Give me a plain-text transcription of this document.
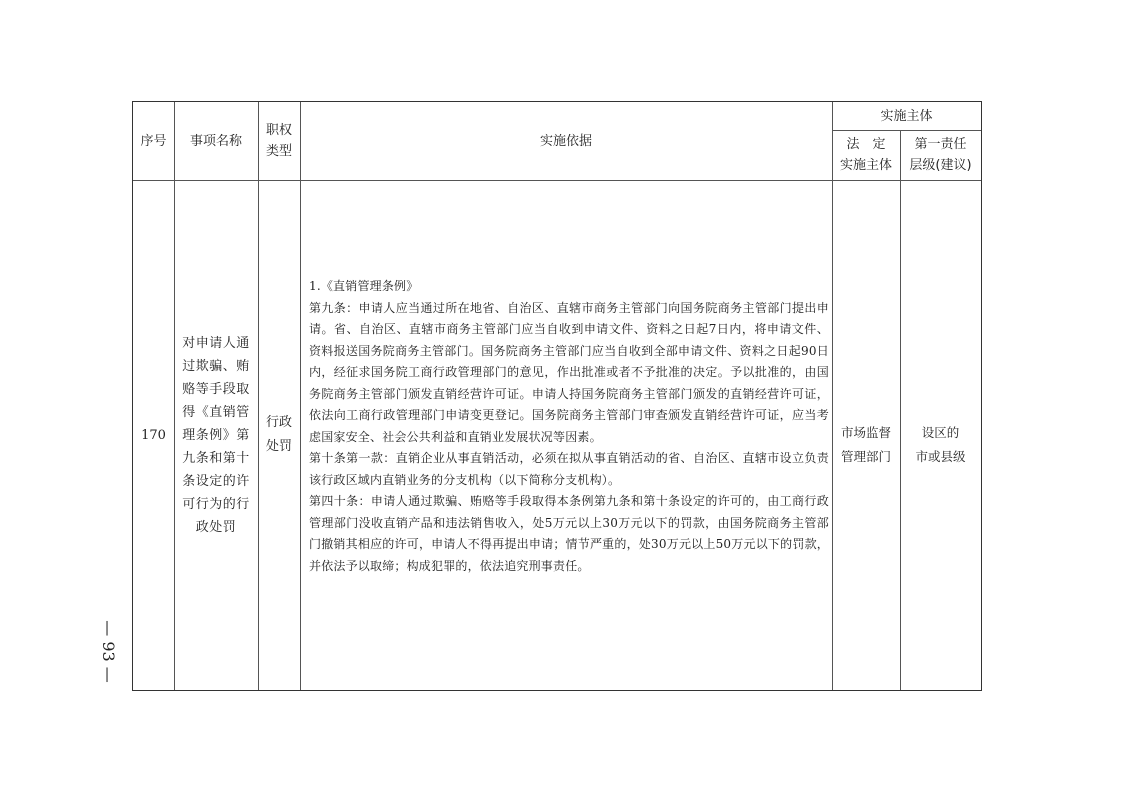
序号	事项名称
职权
类型
实施依据
实施主体
法　定
实施主体
第一责任
层级(建议)
170
对申请人通
过欺骗、贿
赂等手段取
得《直销管
理条例》第
九条和第十
条设定的许
可行为的行
政处罚
行政
处罚

1.《直销管理条例》

第九条：申请人应当通过所在地省、自治区、直辖市商务主管部门向国务院商务主管部门提出申请。省、自治区、直辖市商务主管部门应当自收到申请文件、资料之日起7日内，将申请文件、资料报送国务院商务主管部门。国务院商务主管部门应当自收到全部申请文件、资料之日起90日内，经征求国务院工商行政管理部门的意见，作出批准或者不予批准的决定。予以批准的，由国务院商务主管部门颁发直销经营许可证。申请人持国务院商务主管部门颁发的直销经营许可证，依法向工商行政管理部门申请变更登记。国务院商务主管部门审查颁发直销经营许可证，应当考虑国家安全、社会公共利益和直销业发展状况等因素。

第十条第一款：直销企业从事直销活动，必须在拟从事直销活动的省、自治区、直辖市设立负责该行政区域内直销业务的分支机构（以下简称分支机构）。

第四十条：申请人通过欺骗、贿赂等手段取得本条例第九条和第十条设定的许可的，由工商行政管理部门没收直销产品和违法销售收入，处5万元以上30万元以下的罚款，由国务院商务主管部门撤销其相应的许可，申请人不得再提出申请；情节严重的，处30万元以上50万元以下的罚款，并依法予以取缔；构成犯罪的，依法追究刑事责任。

市场监督
管理部门
设区的
市或县级
— 93 —
